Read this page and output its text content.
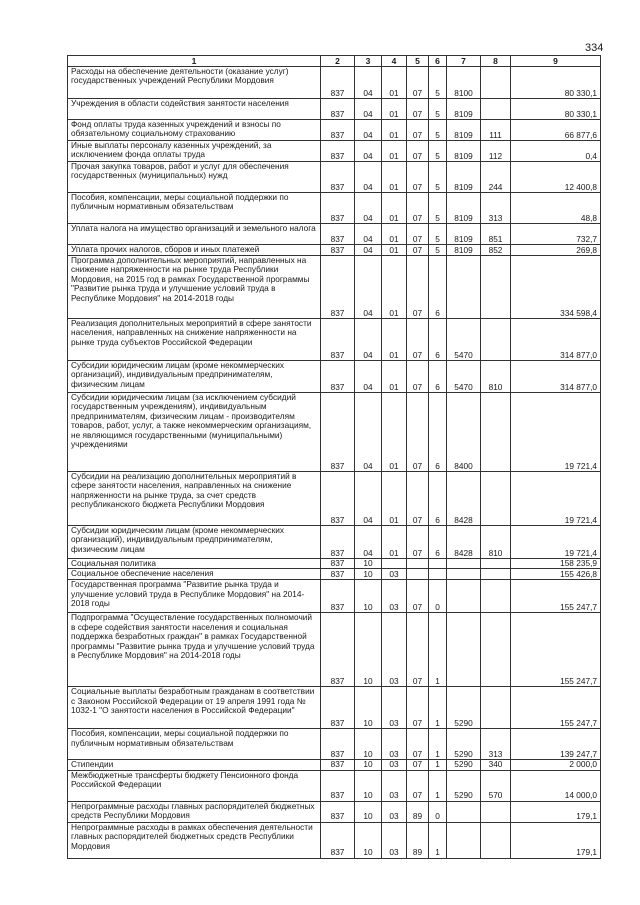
334
1	2	3	4	5	6	7	8	9
Расходы на обеспечение деятельности (оказание услуг) государственных учреждений Республики Мордовия	837	04	01	07	5	8100		80 330,1
Учреждения в области содействия занятости населения	837	04	01	07	5	8109		80 330,1
Фонд оплаты труда казенных учреждений и взносы по обязательному социальному страхованию	837	04	01	07	5	8109	111	66 877,6
Иные выплаты персоналу казенных учреждений, за исключением фонда оплаты труда	837	04	01	07	5	8109	112	0,4
Прочая закупка товаров, работ и услуг для обеспечения государственных (муниципальных) нужд	837	04	01	07	5	8109	244	12 400,8
Пособия, компенсации, меры социальной поддержки по публичным нормативным обязательствам	837	04	01	07	5	8109	313	48,8
Уплата налога на имущество организаций и земельного налога	837	04	01	07	5	8109	851	732,7
Уплата прочих налогов, сборов и иных платежей	837	04	01	07	5	8109	852	269,8
Программа дополнительных мероприятий, направленных на снижение напряженности на рынке труда Республики Мордовия, на 2015 год в рамках Государственной программы "Развитие рынка труда и улучшение условий труда в Республике Мордовия" на 2014-2018 годы	837	04	01	07	6			334 598,4
Реализация дополнительных мероприятий в сфере занятости населения, направленных на снижение напряженности на рынке труда субъектов Российской Федерации	837	04	01	07	6	5470		314 877,0
Субсидии юридическим лицам (кроме некоммерческих организаций), индивидуальным предпринимателям, физическим лицам	837	04	01	07	6	5470	810	314 877,0
Субсидии юридическим лицам (за исключением субсидий государственным учреждениям), индивидуальным предпринимателям, физическим лицам - производителям товаров, работ, услуг, а также некоммерческим организациям, не являющимся государственными (муниципальными) учреждениями	837	04	01	07	6	8400		19 721,4
Субсидии на реализацию дополнительных мероприятий в сфере занятости населения, направленных на снижение напряженности на рынке труда, за счет средств республиканского бюджета Республики Мордовия	837	04	01	07	6	8428		19 721,4
Субсидии юридическим лицам (кроме некоммерческих организаций), индивидуальным предпринимателям, физическим лицам	837	04	01	07	6	8428	810	19 721,4
Социальная политика	837	10						158 235,9
Социальное обеспечение населения	837	10	03					155 426,8
Государственная программа "Развитие рынка труда и улучшение условий труда в Республике Мордовия" на 2014-2018 годы	837	10	03	07	0			155 247,7
Подпрограмма "Осуществление государственных полномочий в сфере содействия занятости населения и социальная поддержка безработных граждан" в рамках Государственной программы "Развитие рынка труда и улучшение условий труда в Республике Мордовия" на 2014-2018 годы	837	10	03	07	1			155 247,7
Социальные выплаты безработным гражданам в соответствии с Законом Российской Федерации от 19 апреля 1991 года № 1032-1 "О занятости населения в Российской Федерации"	837	10	03	07	1	5290		155 247,7
Пособия, компенсации, меры социальной поддержки по публичным нормативным обязательствам	837	10	03	07	1	5290	313	139 247,7
Стипендии	837	10	03	07	1	5290	340	2 000,0
Межбюджетные трансферты бюджету Пенсионного фонда Российской Федерации	837	10	03	07	1	5290	570	14 000,0
Непрограммные расходы главных распорядителей бюджетных средств Республики Мордовия	837	10	03	89	0			179,1
Непрограммные расходы в рамках обеспечения деятельности главных распорядителей бюджетных средств Республики Мордовия	837	10	03	89	1			179,1
